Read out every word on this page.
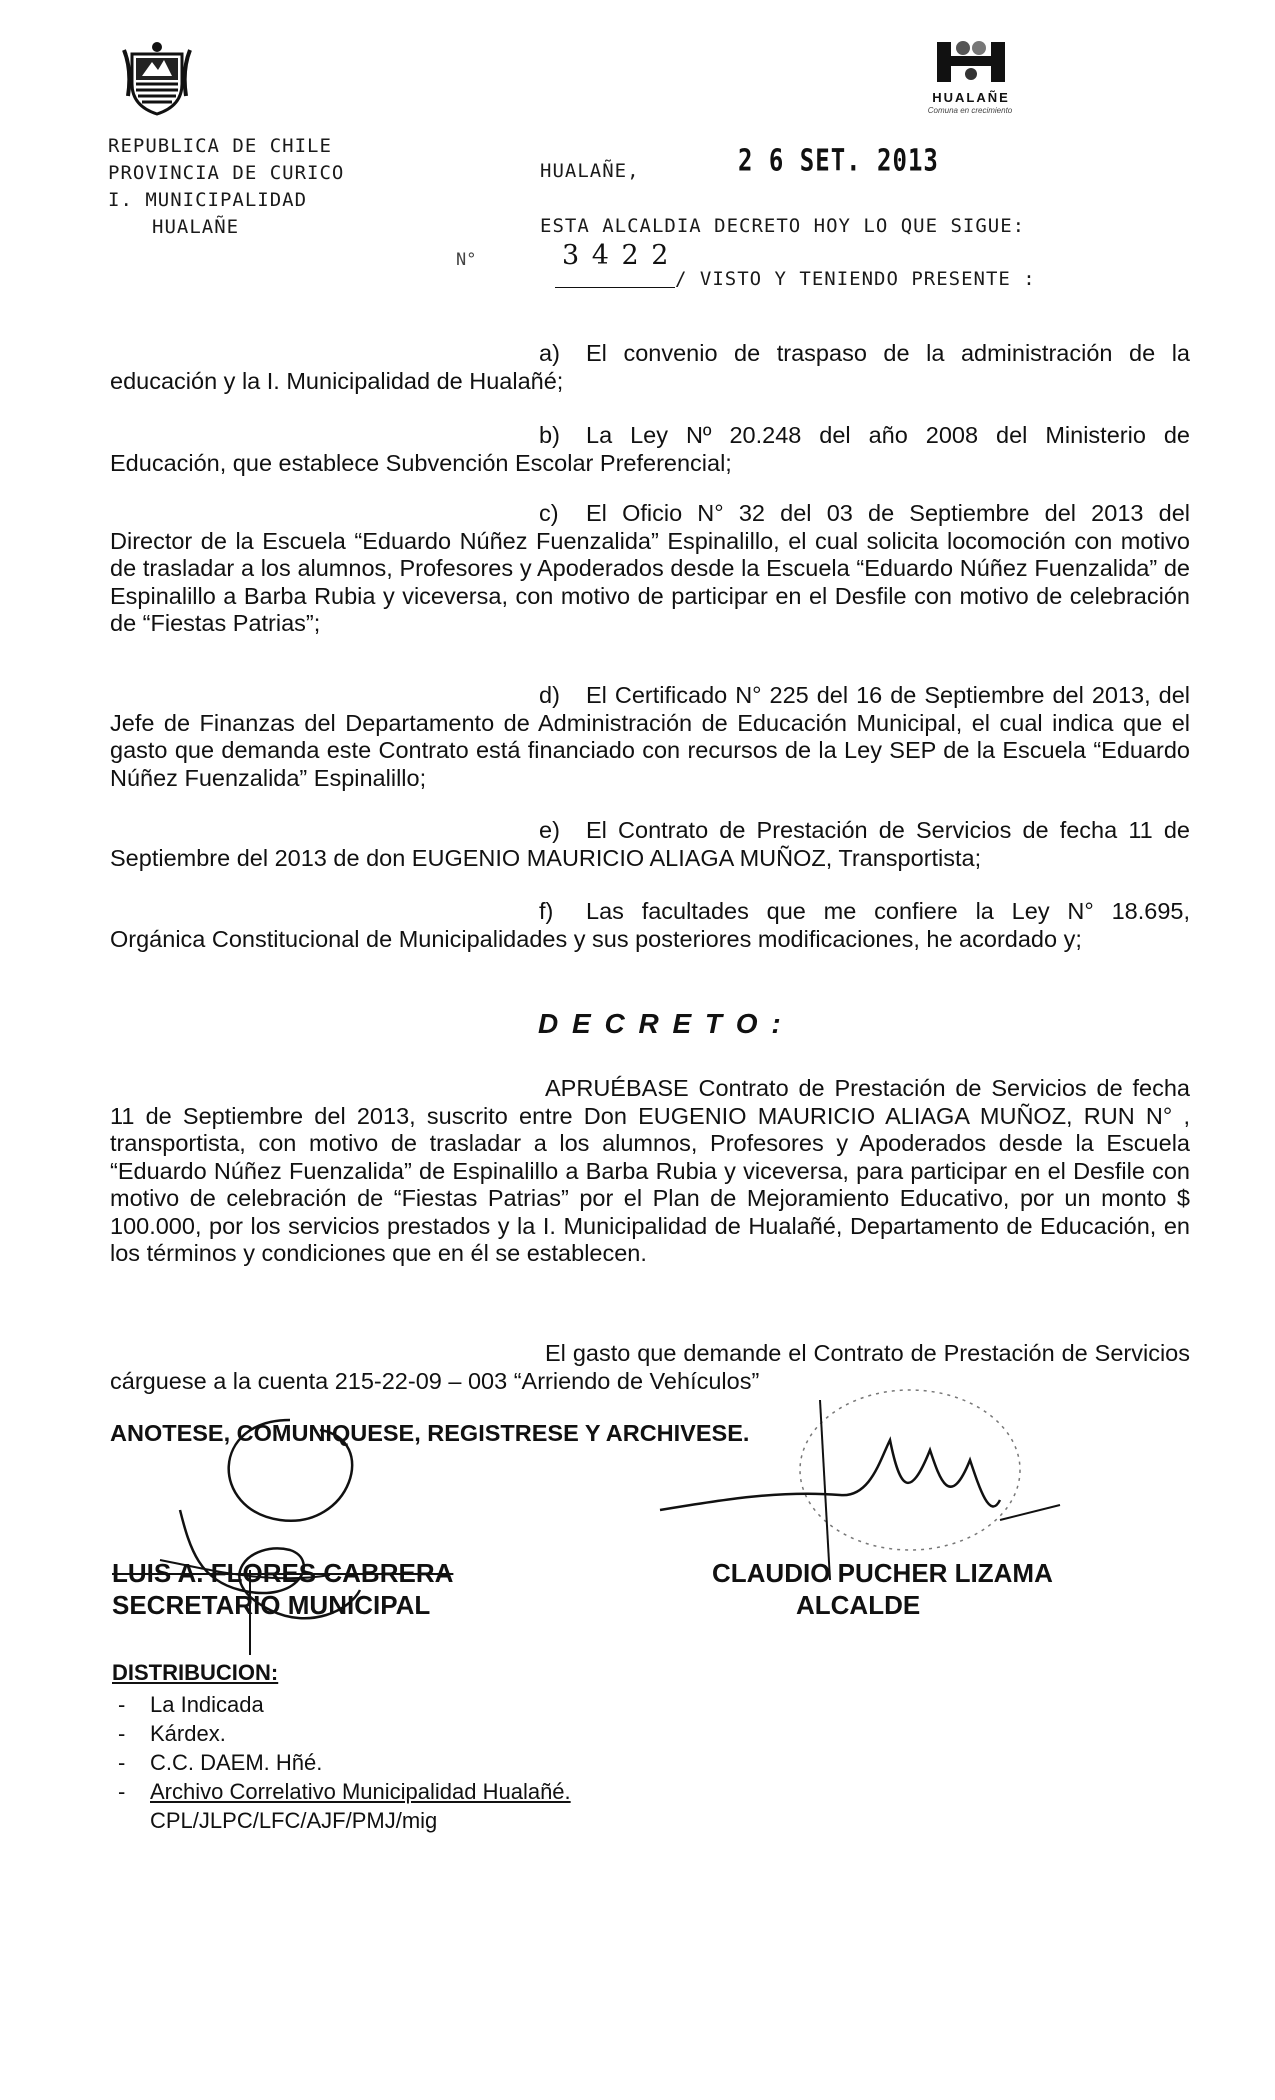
HUALAÑE
Comuna en crecimiento
REPUBLICA DE CHILE
PROVINCIA DE CURICO
I. MUNICIPALIDAD
HUALAÑE
HUALAÑE,	2 6 SET. 2013
ESTA ALCALDIA DECRETO HOY LO QUE SIGUE:
N°	3 4 2 2
/ VISTO Y TENIENDO PRESENTE :
a) El convenio de traspaso de la administración de la educación y la I. Municipalidad de Hualañé;
b) La Ley Nº 20.248 del año 2008 del Ministerio de Educación, que establece Subvención Escolar Preferencial;
c) El Oficio N° 32 del 03 de Septiembre del 2013 del Director de la Escuela “Eduardo Núñez Fuenzalida” Espinalillo, el cual solicita locomoción con motivo de trasladar a los alumnos, Profesores y Apoderados desde la Escuela “Eduardo Núñez Fuenzalida” de Espinalillo a Barba Rubia y viceversa, con motivo de participar en el Desfile con motivo de celebración de “Fiestas Patrias”;
d) El Certificado N° 225 del 16 de Septiembre del 2013, del Jefe de Finanzas del Departamento de Administración de Educación Municipal, el cual indica que el gasto que demanda este Contrato está financiado con recursos de la Ley SEP de la Escuela “Eduardo Núñez Fuenzalida” Espinalillo;
e) El Contrato de Prestación de Servicios de fecha 11 de Septiembre del 2013 de don EUGENIO MAURICIO ALIAGA MUÑOZ, Transportista;
f) Las facultades que me confiere la Ley N° 18.695, Orgánica Constitucional de Municipalidades y sus posteriores modificaciones, he acordado y;
D E C R E T O :
APRUÉBASE Contrato de Prestación de Servicios de fecha 11 de Septiembre del 2013, suscrito entre Don EUGENIO MAURICIO ALIAGA MUÑOZ, RUN N° , transportista, con motivo de trasladar a los alumnos, Profesores y Apoderados desde la Escuela “Eduardo Núñez Fuenzalida” de Espinalillo a Barba Rubia y viceversa, para participar en el Desfile con motivo de celebración de “Fiestas Patrias” por el Plan de Mejoramiento Educativo, por un monto $ 100.000, por los servicios prestados y la I. Municipalidad de Hualañé, Departamento de Educación, en los términos y condiciones que en él se establecen.
El gasto que demande el Contrato de Prestación de Servicios cárguese a la cuenta 215-22-09 – 003 “Arriendo de Vehículos”
ANOTESE, COMUNIQUESE, REGISTRESE Y ARCHIVESE.
LUIS A. FLORES CABRERA
SECRETARIO MUNICIPAL
CLAUDIO PUCHER LIZAMA
ALCALDE
DISTRIBUCION:
- La Indicada
- Kárdex.
- C.C. DAEM. Hñé.
- Archivo Correlativo Municipalidad Hualañé.
CPL/JLPC/LFC/AJF/PMJ/mig
